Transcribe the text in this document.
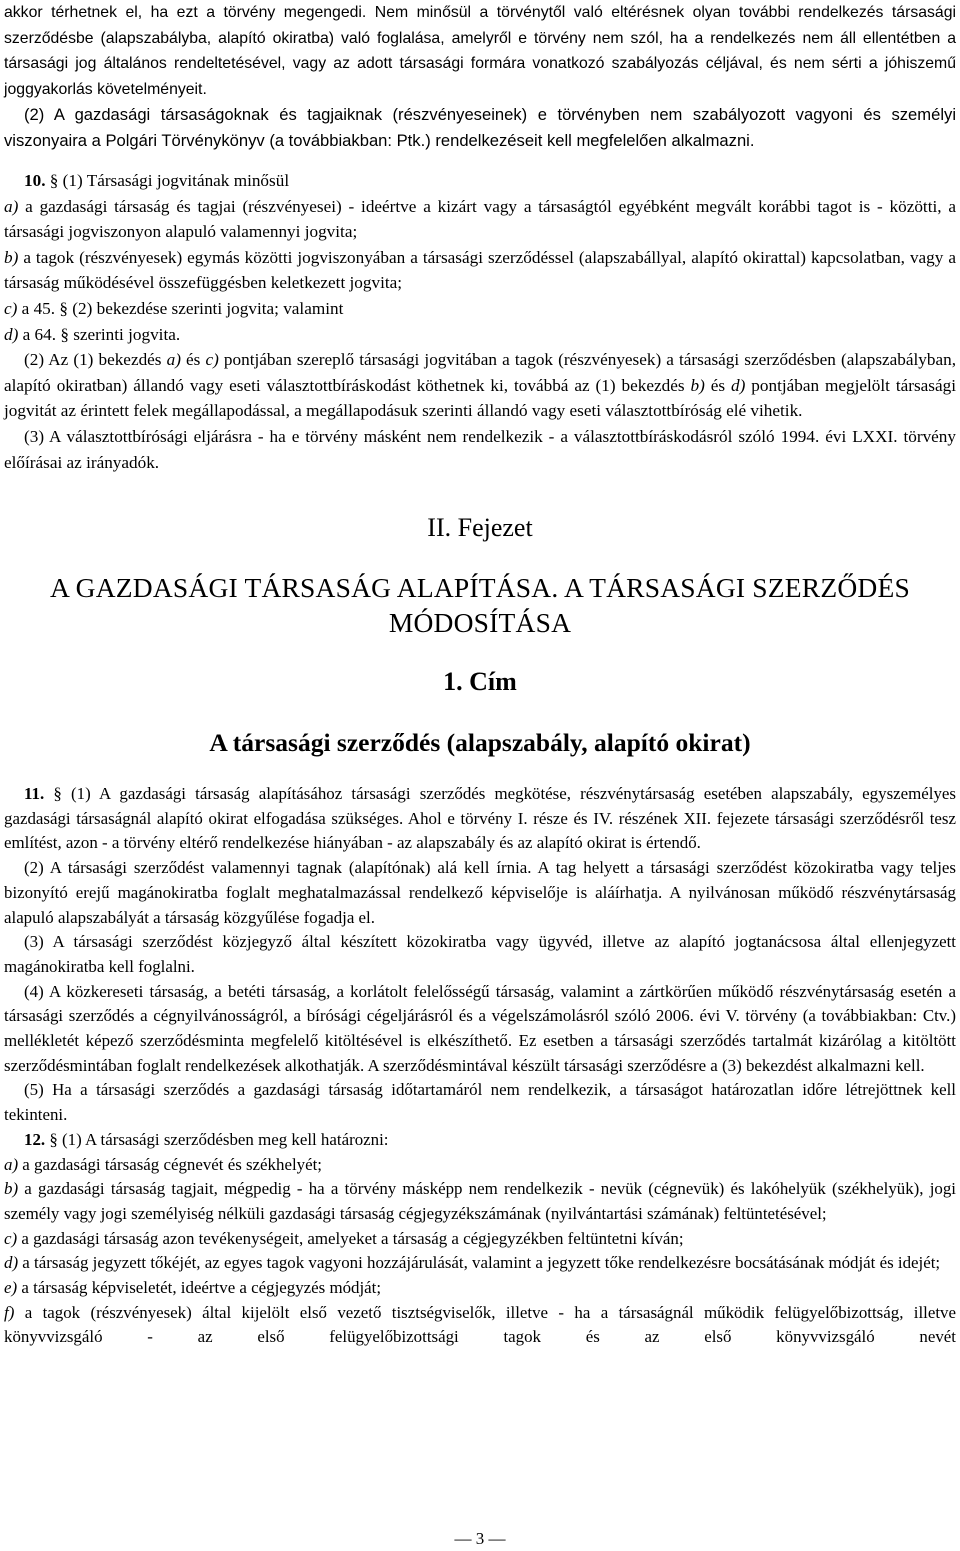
akkor térhetnek el, ha ezt a törvény megengedi. Nem minősül a törvénytől való eltérésnek olyan további rendelkezés társasági szerződésbe (alapszabályba, alapító okiratba) való foglalása, amelyről e törvény nem szól, ha a rendelkezés nem áll ellentétben a társasági jog általános rendeltetésével, vagy az adott társasági formára vonatkozó szabályozás céljával, és nem sérti a jóhiszemű joggyakorlás követelményeit.

(2) A gazdasági társaságoknak és tagjaiknak (részvényeseinek) e törvényben nem szabályozott vagyoni és személyi viszonyaira a Polgári Törvénykönyv (a továbbiakban: Ptk.) rendelkezéseit kell megfelelően alkalmazni.

10. § (1) Társasági jogvitának minősül

a) a gazdasági társaság és tagjai (részvényesei) - ideértve a kizárt vagy a társaságtól egyébként megvált korábbi tagot is - közötti, a társasági jogviszonyon alapuló valamennyi jogvita;

b) a tagok (részvényesek) egymás közötti jogviszonyában a társasági szerződéssel (alapszabállyal, alapító okirattal) kapcsolatban, vagy a társaság működésével összefüggésben keletkezett jogvita;

c) a 45. § (2) bekezdése szerinti jogvita; valamint

d) a 64. § szerinti jogvita.

(2) Az (1) bekezdés a) és c) pontjában szereplő társasági jogvitában a tagok (részvényesek) a társasági szerződésben (alapszabályban, alapító okiratban) állandó vagy eseti választottbíráskodást köthetnek ki, továbbá az (1) bekezdés b) és d) pontjában megjelölt társasági jogvitát az érintett felek megállapodással, a megállapodásuk szerinti állandó vagy eseti választottbíróság elé vihetik.

(3) A választottbírósági eljárásra - ha e törvény másként nem rendelkezik - a választottbíráskodásról szóló 1994. évi LXXI. törvény előírásai az irányadók.

II. Fejezet
A GAZDASÁGI TÁRSASÁG ALAPÍTÁSA. A TÁRSASÁGI SZERZŐDÉS
MÓDOSÍTÁSA
1. Cím
A társasági szerződés (alapszabály, alapító okirat)

11. § (1) A gazdasági társaság alapításához társasági szerződés megkötése, részvénytársaság esetében alapszabály, egyszemélyes gazdasági társaságnál alapító okirat elfogadása szükséges. Ahol e törvény I. része és IV. részének XII. fejezete társasági szerződésről tesz említést, azon - a törvény eltérő rendelkezése hiányában - az alapszabály és az alapító okirat is értendő.

(2) A társasági szerződést valamennyi tagnak (alapítónak) alá kell írnia. A tag helyett a társasági szerződést közokiratba vagy teljes bizonyító erejű magánokiratba foglalt meghatalmazással rendelkező képviselője is aláírhatja. A nyilvánosan működő részvénytársaság alapuló alapszabályát a társaság közgyűlése fogadja el.

(3) A társasági szerződést közjegyző által készített közokiratba vagy ügyvéd, illetve az alapító jogtanácsosa által ellenjegyzett magánokiratba kell foglalni.

(4) A közkereseti társaság, a betéti társaság, a korlátolt felelősségű társaság, valamint a zártkörűen működő részvénytársaság esetén a társasági szerződés a cégnyilvánosságról, a bírósági cégeljárásról és a végelszámolásról szóló 2006. évi V. törvény (a továbbiakban: Ctv.) mellékletét képező szerződésminta megfelelő kitöltésével is elkészíthető. Ez esetben a társasági szerződés tartalmát kizárólag a kitöltött szerződésmintában foglalt rendelkezések alkothatják. A szerződésmintával készült társasági szerződésre a (3) bekezdést alkalmazni kell.

(5) Ha a társasági szerződés a gazdasági társaság időtartamáról nem rendelkezik, a társaságot határozatlan időre létrejöttnek kell tekinteni.

12. § (1) A társasági szerződésben meg kell határozni:

a) a gazdasági társaság cégnevét és székhelyét;

b) a gazdasági társaság tagjait, mégpedig - ha a törvény másképp nem rendelkezik - nevük (cégnevük) és lakóhelyük (székhelyük), jogi személy vagy jogi személyiség nélküli gazdasági társaság cégjegyzékszámának (nyilvántartási számának) feltüntetésével;

c) a gazdasági társaság azon tevékenységeit, amelyeket a társaság a cégjegyzékben feltüntetni kíván;

d) a társaság jegyzett tőkéjét, az egyes tagok vagyoni hozzájárulását, valamint a jegyzett tőke rendelkezésre bocsátásának módját és idejét;

e) a társaság képviseletét, ideértve a cégjegyzés módját;

f) a tagok (részvényesek) által kijelölt első vezető tisztségviselők, illetve - ha a társaságnál működik felügyelőbizottság, illetve könyvvizsgáló - az első felügyelőbizottsági tagok és az első könyvvizsgáló nevét

— 3 —
